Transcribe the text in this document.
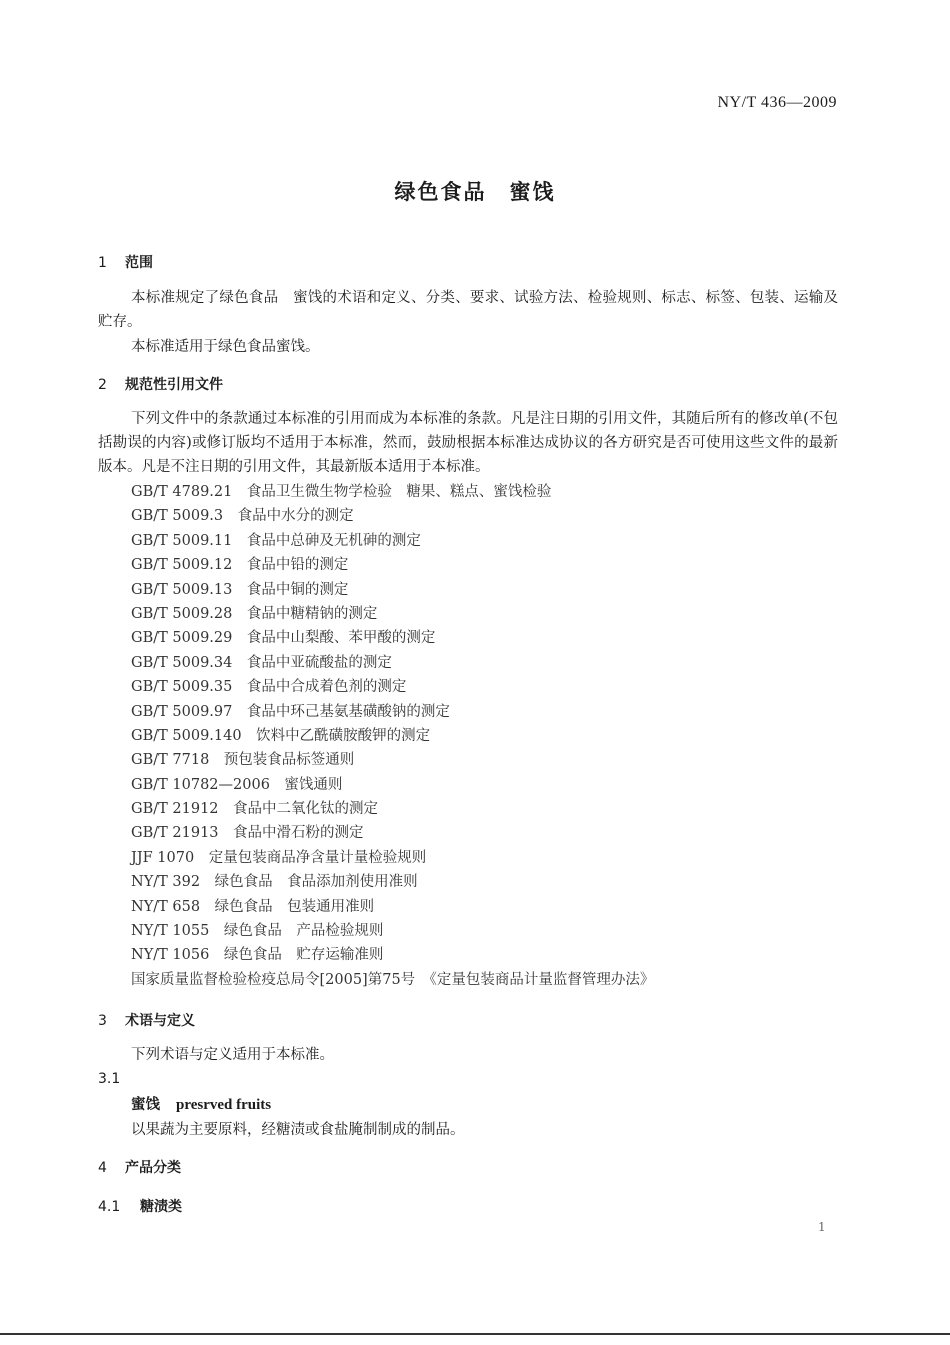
NY/T 436—2009
绿色食品　蜜饯
1 范围
本标准规定了绿色食品　蜜饯的术语和定义、分类、要求、试验方法、检验规则、标志、标签、包装、运输及贮存。
本标准适用于绿色食品蜜饯。
2 规范性引用文件
下列文件中的条款通过本标准的引用而成为本标准的条款。凡是注日期的引用文件，其随后所有的修改单(不包括勘误的内容)或修订版均不适用于本标准，然而，鼓励根据本标准达成协议的各方研究是否可使用这些文件的最新版本。凡是不注日期的引用文件，其最新版本适用于本标准。
GB/T 4789.21　食品卫生微生物学检验　糖果、糕点、蜜饯检验
GB/T 5009.3　食品中水分的测定
GB/T 5009.11　食品中总砷及无机砷的测定
GB/T 5009.12　食品中铅的测定
GB/T 5009.13　食品中铜的测定
GB/T 5009.28　食品中糖精钠的测定
GB/T 5009.29　食品中山梨酸、苯甲酸的测定
GB/T 5009.34　食品中亚硫酸盐的测定
GB/T 5009.35　食品中合成着色剂的测定
GB/T 5009.97　食品中环己基氨基磺酸钠的测定
GB/T 5009.140　饮料中乙酰磺胺酸钾的测定
GB/T 7718　预包装食品标签通则
GB/T 10782—2006　蜜饯通则
GB/T 21912　食品中二氧化钛的测定
GB/T 21913　食品中滑石粉的测定
JJF 1070　定量包装商品净含量计量检验规则
NY/T 392　绿色食品　食品添加剂使用准则
NY/T 658　绿色食品　包装通用准则
NY/T 1055　绿色食品　产品检验规则
NY/T 1056　绿色食品　贮存运输准则
国家质量监督检验检疫总局令[2005]第75号　《定量包装商品计量监督管理办法》
3 术语与定义
下列术语与定义适用于本标准。
3.1
蜜饯 presrved fruits
以果蔬为主要原料，经糖渍或食盐腌制制成的制品。
4 产品分类
4.1 糖渍类
1
